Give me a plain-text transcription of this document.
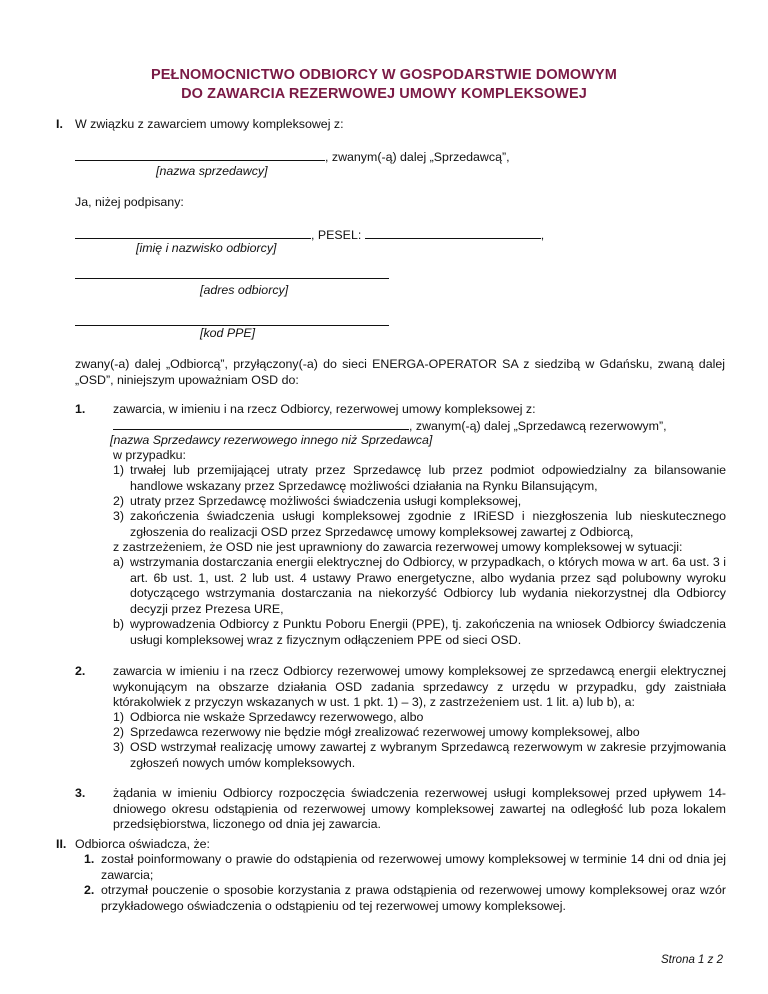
PEŁNOMOCNICTWO ODBIORCY W GOSPODARSTWIE DOMOWYM
DO ZAWARCIA REZERWOWEJ UMOWY KOMPLEKSOWEJ
I. W związku z zawarciem umowy kompleksowej z:
, zwanym(-ą) dalej „Sprzedawcą”,
[nazwa sprzedawcy]
Ja, niżej podpisany:
, PESEL:	,
[imię i nazwisko odbiorcy]
[adres odbiorcy]
[kod PPE]
zwany(-a) dalej „Odbiorcą”, przyłączony(-a) do sieci ENERGA-OPERATOR SA z siedzibą w Gdańsku, zwaną dalej „OSD”, niniejszym upoważniam OSD do:
1. zawarcia, w imieniu i na rzecz Odbiorcy, rezerwowej umowy kompleksowej z:
, zwanym(-ą) dalej „Sprzedawcą rezerwowym”,
[nazwa Sprzedawcy rezerwowego innego niż Sprzedawca]
w przypadku:
1) trwałej lub przemijającej utraty przez Sprzedawcę lub przez podmiot odpowiedzialny za bilansowanie handlowe wskazany przez Sprzedawcę możliwości działania na Rynku Bilansującym,
2) utraty przez Sprzedawcę możliwości świadczenia usługi kompleksowej,
3) zakończenia świadczenia usługi kompleksowej zgodnie z IRiESD i niezgłoszenia lub nieskutecznego zgłoszenia do realizacji OSD przez Sprzedawcę umowy kompleksowej zawartej z Odbiorcą,
z zastrzeżeniem, że OSD nie jest uprawniony do zawarcia rezerwowej umowy kompleksowej w sytuacji:
a) wstrzymania dostarczania energii elektrycznej do Odbiorcy, w przypadkach, o których mowa w art. 6a ust. 3 i art. 6b ust. 1, ust. 2 lub ust. 4 ustawy Prawo energetyczne, albo wydania przez sąd polubowny wyroku dotyczącego wstrzymania dostarczania na niekorzyść Odbiorcy lub wydania niekorzystnej dla Odbiorcy decyzji przez Prezesa URE,
b) wyprowadzenia Odbiorcy z Punktu Poboru Energii (PPE), tj. zakończenia na wniosek Odbiorcy świadczenia usługi kompleksowej wraz z fizycznym odłączeniem PPE od sieci OSD.
2. zawarcia w imieniu i na rzecz Odbiorcy rezerwowej umowy kompleksowej ze sprzedawcą energii elektrycznej wykonującym na obszarze działania OSD zadania sprzedawcy z urzędu w przypadku, gdy zaistniała którakolwiek z przyczyn wskazanych w ust. 1 pkt. 1) – 3), z zastrzeżeniem ust. 1 lit. a) lub b), a:
1) Odbiorca nie wskaże Sprzedawcy rezerwowego, albo
2) Sprzedawca rezerwowy nie będzie mógł zrealizować rezerwowej umowy kompleksowej, albo
3) OSD wstrzymał realizację umowy zawartej z wybranym Sprzedawcą rezerwowym w zakresie przyjmowania zgłoszeń nowych umów kompleksowych.
3. żądania w imieniu Odbiorcy rozpoczęcia świadczenia rezerwowej usługi kompleksowej przed upływem 14-dniowego okresu odstąpienia od rezerwowej umowy kompleksowej zawartej na odległość lub poza lokalem przedsiębiorstwa, liczonego od dnia jej zawarcia.
II. Odbiorca oświadcza, że:
1. został poinformowany o prawie do odstąpienia od rezerwowej umowy kompleksowej w terminie 14 dni od dnia jej zawarcia;
2. otrzymał pouczenie o sposobie korzystania z prawa odstąpienia od rezerwowej umowy kompleksowej oraz wzór przykładowego oświadczenia o odstąpieniu od tej rezerwowej umowy kompleksowej.
Strona 1 z 2
